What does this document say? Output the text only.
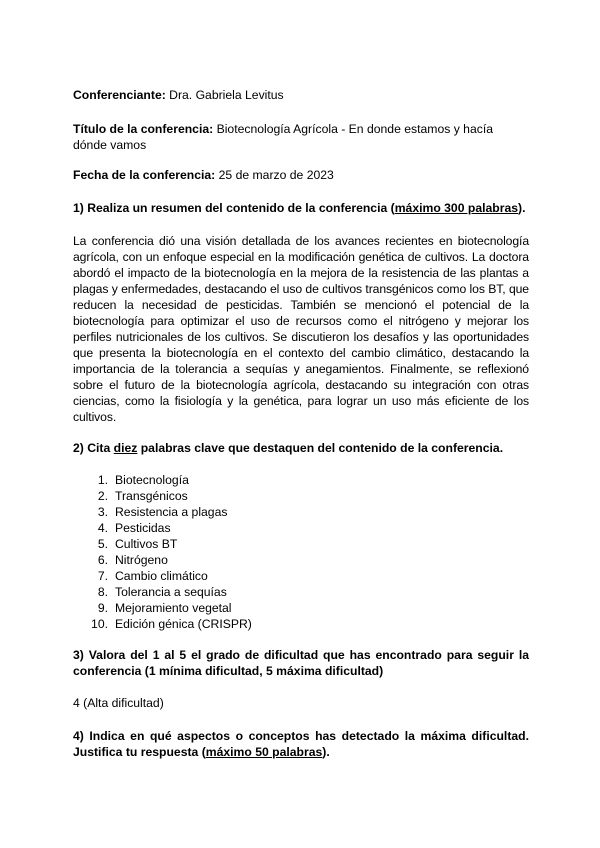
Conferenciante: Dra. Gabriela Levitus
Título de la conferencia: Biotecnología Agrícola - En donde estamos y hacía dónde vamos
Fecha de la conferencia: 25 de marzo de 2023
1) Realiza un resumen del contenido de la conferencia (máximo 300 palabras).
La conferencia dió una visión detallada de los avances recientes en biotecnología agrícola, con un enfoque especial en la modificación genética de cultivos. La doctora abordó el impacto de la biotecnología en la mejora de la resistencia de las plantas a plagas y enfermedades, destacando el uso de cultivos transgénicos como los BT, que reducen la necesidad de pesticidas. También se mencionó el potencial de la biotecnología para optimizar el uso de recursos como el nitrógeno y mejorar los perfiles nutricionales de los cultivos. Se discutieron los desafíos y las oportunidades que presenta la biotecnología en el contexto del cambio climático, destacando la importancia de la tolerancia a sequías y anegamientos. Finalmente, se reflexionó sobre el futuro de la biotecnología agrícola, destacando su integración con otras ciencias, como la fisiología y la genética, para lograr un uso más eficiente de los cultivos.
2) Cita diez palabras clave que destaquen del contenido de la conferencia.
1. Biotecnología
2. Transgénicos
3. Resistencia a plagas
4. Pesticidas
5. Cultivos BT
6. Nitrógeno
7. Cambio climático
8. Tolerancia a sequías
9. Mejoramiento vegetal
10. Edición génica (CRISPR)
3) Valora del 1 al 5 el grado de dificultad que has encontrado para seguir la conferencia (1 mínima dificultad, 5 máxima dificultad)
4 (Alta dificultad)
4) Indica en qué aspectos o conceptos has detectado la máxima dificultad. Justifica tu respuesta (máximo 50 palabras).
